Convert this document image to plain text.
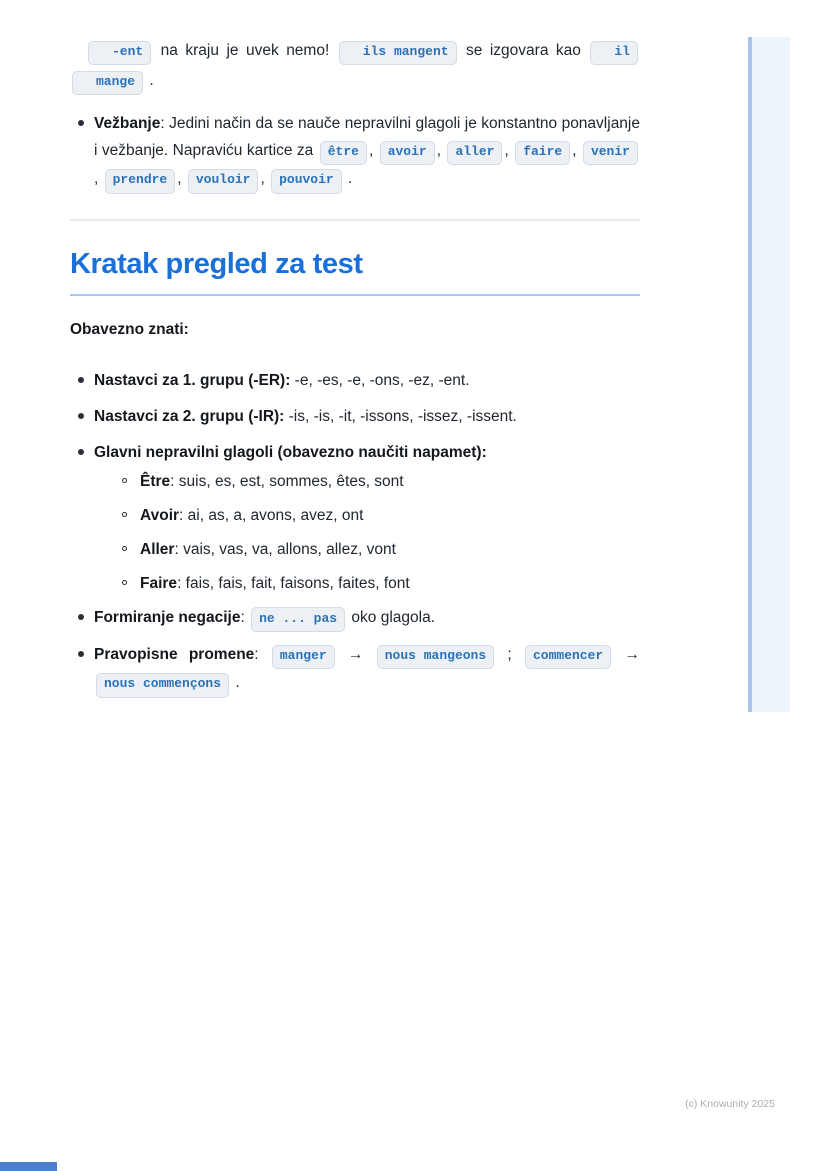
-ent na kraju je uvek nemo! ils mangent se izgovara kao il mange .
Vežbanje: Jedini način da se nauče nepravilni glagoli je konstantno ponavljanje i vežbanje. Napraviću kartice za être , avoir , aller , faire , venir, prendre , vouloir , pouvoir .
Kratak pregled za test
Obavezno znati:
Nastavci za 1. grupu (-ER): -e, -es, -e, -ons, -ez, -ent.
Nastavci za 2. grupu (-IR): -is, -is, -it, -issons, -issez, -issent.
Glavni nepravilni glagoli (obavezno naučiti napamet):
Être: suis, es, est, sommes, êtes, sont
Avoir: ai, as, a, avons, avez, ont
Aller: vais, vas, va, allons, allez, vont
Faire: fais, fais, fait, faisons, faites, font
Formiranje negacije: ne ... pas oko glagola.
Pravopisne promene: manger → nous mangeons ; commencer → nous commençons .
(c) Knowunity 2025
